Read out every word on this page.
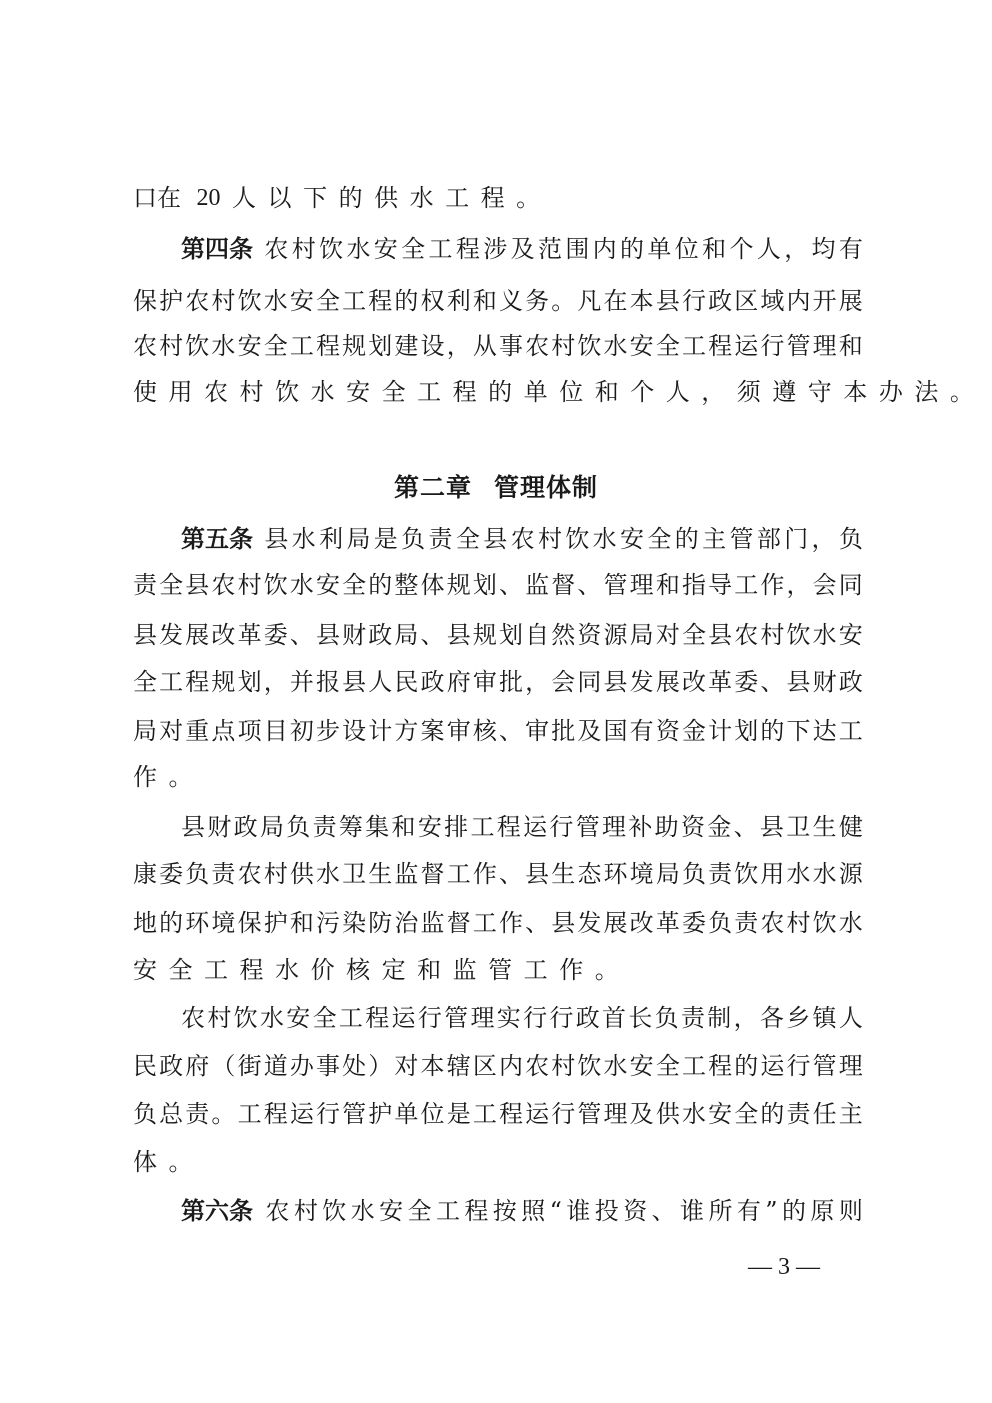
口在 20 人 以 下 的 供 水 工 程 。
第四条 农 村 饮 水 安 全 工 程 涉 及 范 围 内 的 单 位 和 个 人 ， 均 有
保 护 农 村 饮 水 安 全 工 程 的 权 利 和 义 务 。 凡 在 本 县 行 政 区 域 内 开 展
农 村 饮 水 安 全 工 程 规 划 建 设 ， 从 事 农 村 饮 水 安 全 工 程 运 行 管 理 和
使 用 农 村 饮 水 安 全 工 程 的 单 位 和 个 人 ， 须 遵 守 本 办 法 。
第二章 管理体制
第五条 县 水 利 局 是 负 责 全 县 农 村 饮 水 安 全 的 主 管 部 门 ， 负
责 全 县 农 村 饮 水 安 全 的 整 体 规 划 、 监 督 、 管 理 和 指 导 工 作 ， 会 同
县 发 展 改 革 委 、 县 财 政 局 、 县 规 划 自 然 资 源 局 对 全 县 农 村 饮 水 安
全 工 程 规 划 ， 并 报 县 人 民 政 府 审 批 ， 会 同 县 发 展 改 革 委 、 县 财 政
局 对 重 点 项 目 初 步 设 计 方 案 审 核 、 审 批 及 国 有 资 金 计 划 的 下 达 工
作 。
县 财 政 局 负 责 筹 集 和 安 排 工 程 运 行 管 理 补 助 资 金 、 县 卫 生 健
康 委 负 责 农 村 供 水 卫 生 监 督 工 作 、 县 生 态 环 境 局 负 责 饮 用 水 水 源
地 的 环 境 保 护 和 污 染 防 治 监 督 工 作 、 县 发 展 改 革 委 负 责 农 村 饮 水
安 全 工 程 水 价 核 定 和 监 管 工 作 。
农 村 饮 水 安 全 工 程 运 行 管 理 实 行 行 政 首 长 负 责 制 ， 各 乡 镇 人
民 政 府 （ 街 道 办 事 处 ） 对 本 辖 区 内 农 村 饮 水 安 全 工 程 的 运 行 管 理
负 总 责 。 工 程 运 行 管 护 单 位 是 工 程 运 行 管 理 及 供 水 安 全 的 责 任 主
体 。
第六条 农 村 饮 水 安 全 工 程 按 照 “ 谁 投 资 、 谁 所 有 ” 的 原 则
— 3 —
